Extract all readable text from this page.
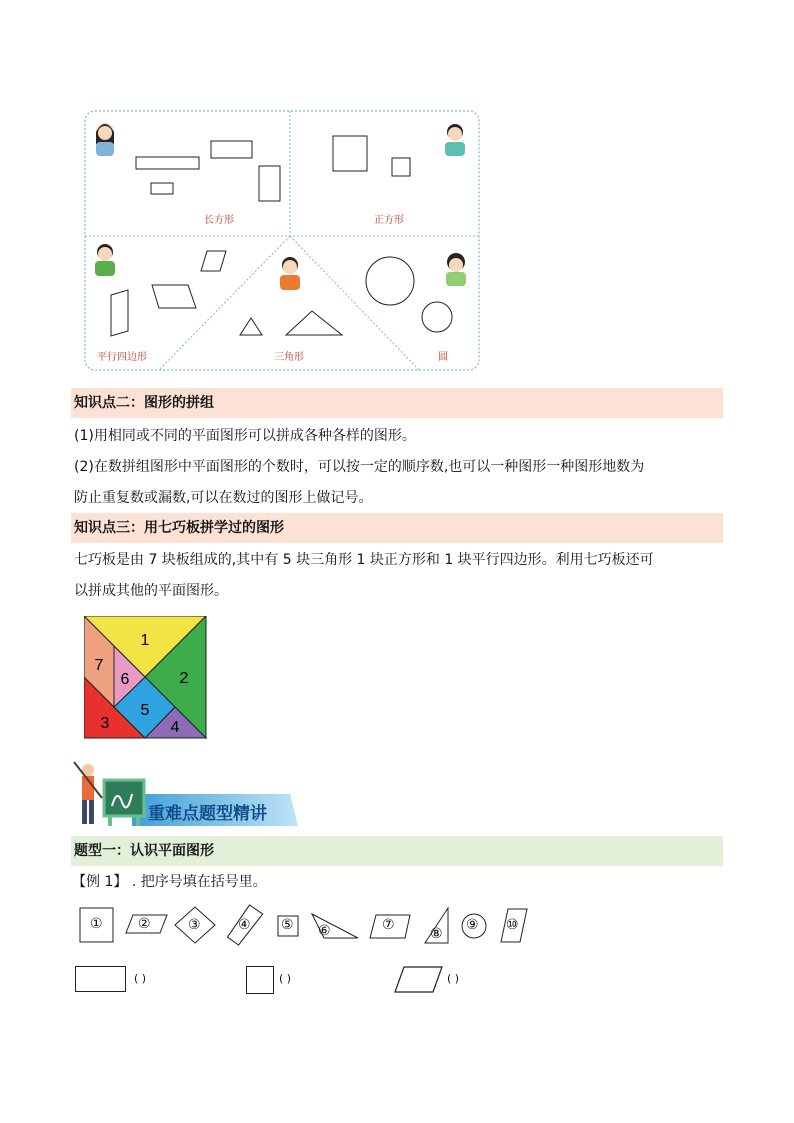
长方形	正方形
平行四边形	三角形	圆
知识点二：图形的拼组
(1)用相同或不同的平面图形可以拼成各种各样的图形。
(2)在数拼组图形中平面图形的个数时，可以按一定的顺序数,也可以一种图形一种图形地数为
防止重复数或漏数,可以在数过的图形上做记号。
知识点三：用七巧板拼学过的图形
七巧板是由 7 块板组成的,其中有 5 块三角形 1 块正方形和 1 块平行四边形。利用七巧板还可
以拼成其他的平面图形。
1
2
3	4
5
6
7
重难点题型精讲
题型一：认识平面图形
【例 1】 . 把序号填在括号里。
①	②	③	④ ⑤ ⑥	⑦
⑧
⑨ ⑩
( )	( )	( )
